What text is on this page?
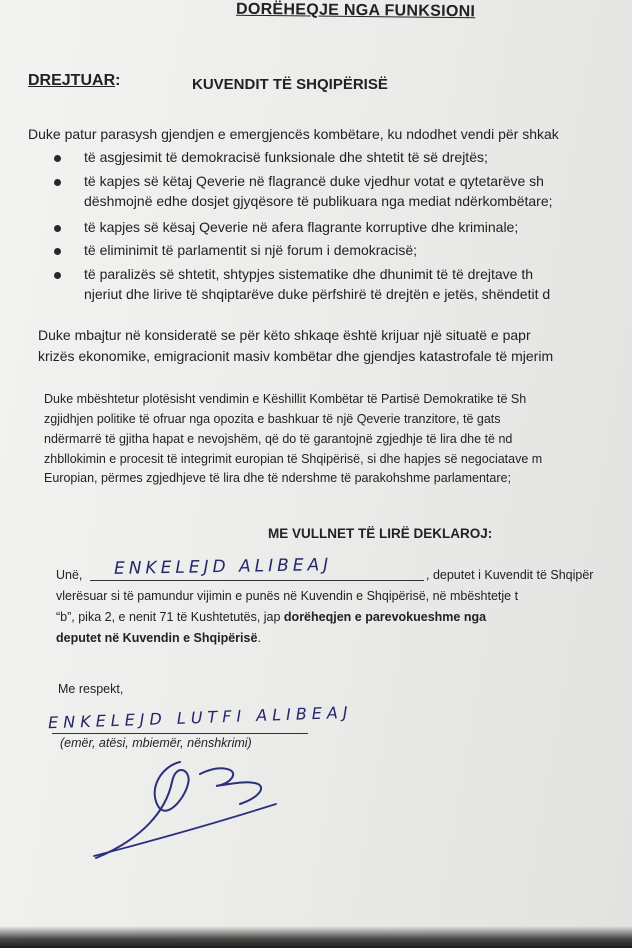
DORËHEQJE NGA FUNKSIONI

DREJTUAR:	KUVENDIT TË SHQIPËRISË

Duke patur parasysh gjendjen e emergjencës kombëtare, ku ndodhet vendi për shkak

të asgjesimit të demokracisë funksionale dhe shtetit të së drejtës;

të kapjes së këtaj Qeverie në flagrancë duke vjedhur votat e qytetarëve sh

dëshmojnë edhe dosjet gjyqësore të publikuara nga mediat ndërkombëtare;

të kapjes së kësaj Qeverie në afera flagrante korruptive dhe kriminale;

të eliminimit të parlamentit si një forum i demokracisë;

të paralizës së shtetit, shtypjes sistematike dhe dhunimit të të drejtave th

njeriut dhe lirive të shqiptarëve duke përfshirë të drejtën e jetës, shëndetit d

Duke mbajtur në konsideratë se për këto shkaqe është krijuar një situatë e papr

krizës ekonomike, emigracionit masiv kombëtar dhe gjendjes katastrofale të mjerim

Duke mbështetur plotësisht vendimin e Këshillit Kombëtar të Partisë Demokratike të Sh

zgjidhjen politike të ofruar nga opozita e bashkuar të një Qeverie tranzitore, të gats

ndërmarrë të gjitha hapat e nevojshëm, që do të garantojnë zgjedhje të lira dhe të nd

zhbllokimin e procesit të integrimit europian të Shqipërisë, si dhe hapjes së negociatave m

Europian, përmes zgjedhjeve të lira dhe të ndershme të parakohshme parlamentare;

ME VULLNET TË LIRË DEKLAROJ:

Unë, ENKELEJD ALIBEAJ	, deputet i Kuvendit të Shqipër

vlerësuar si të pamundur vijimin e punës në Kuvendin e Shqipërisë, në mbështetje t

“b”, pika 2, e nenit 71 të Kushtetutës, jap dorëheqjen e parevokueshme nga

deputet në Kuvendin e Shqipërisë.

Me respekt,

ENKELEJD LUTFI ALIBEAJ

(emër, atësi, mbiemër, nënshkrimi)
